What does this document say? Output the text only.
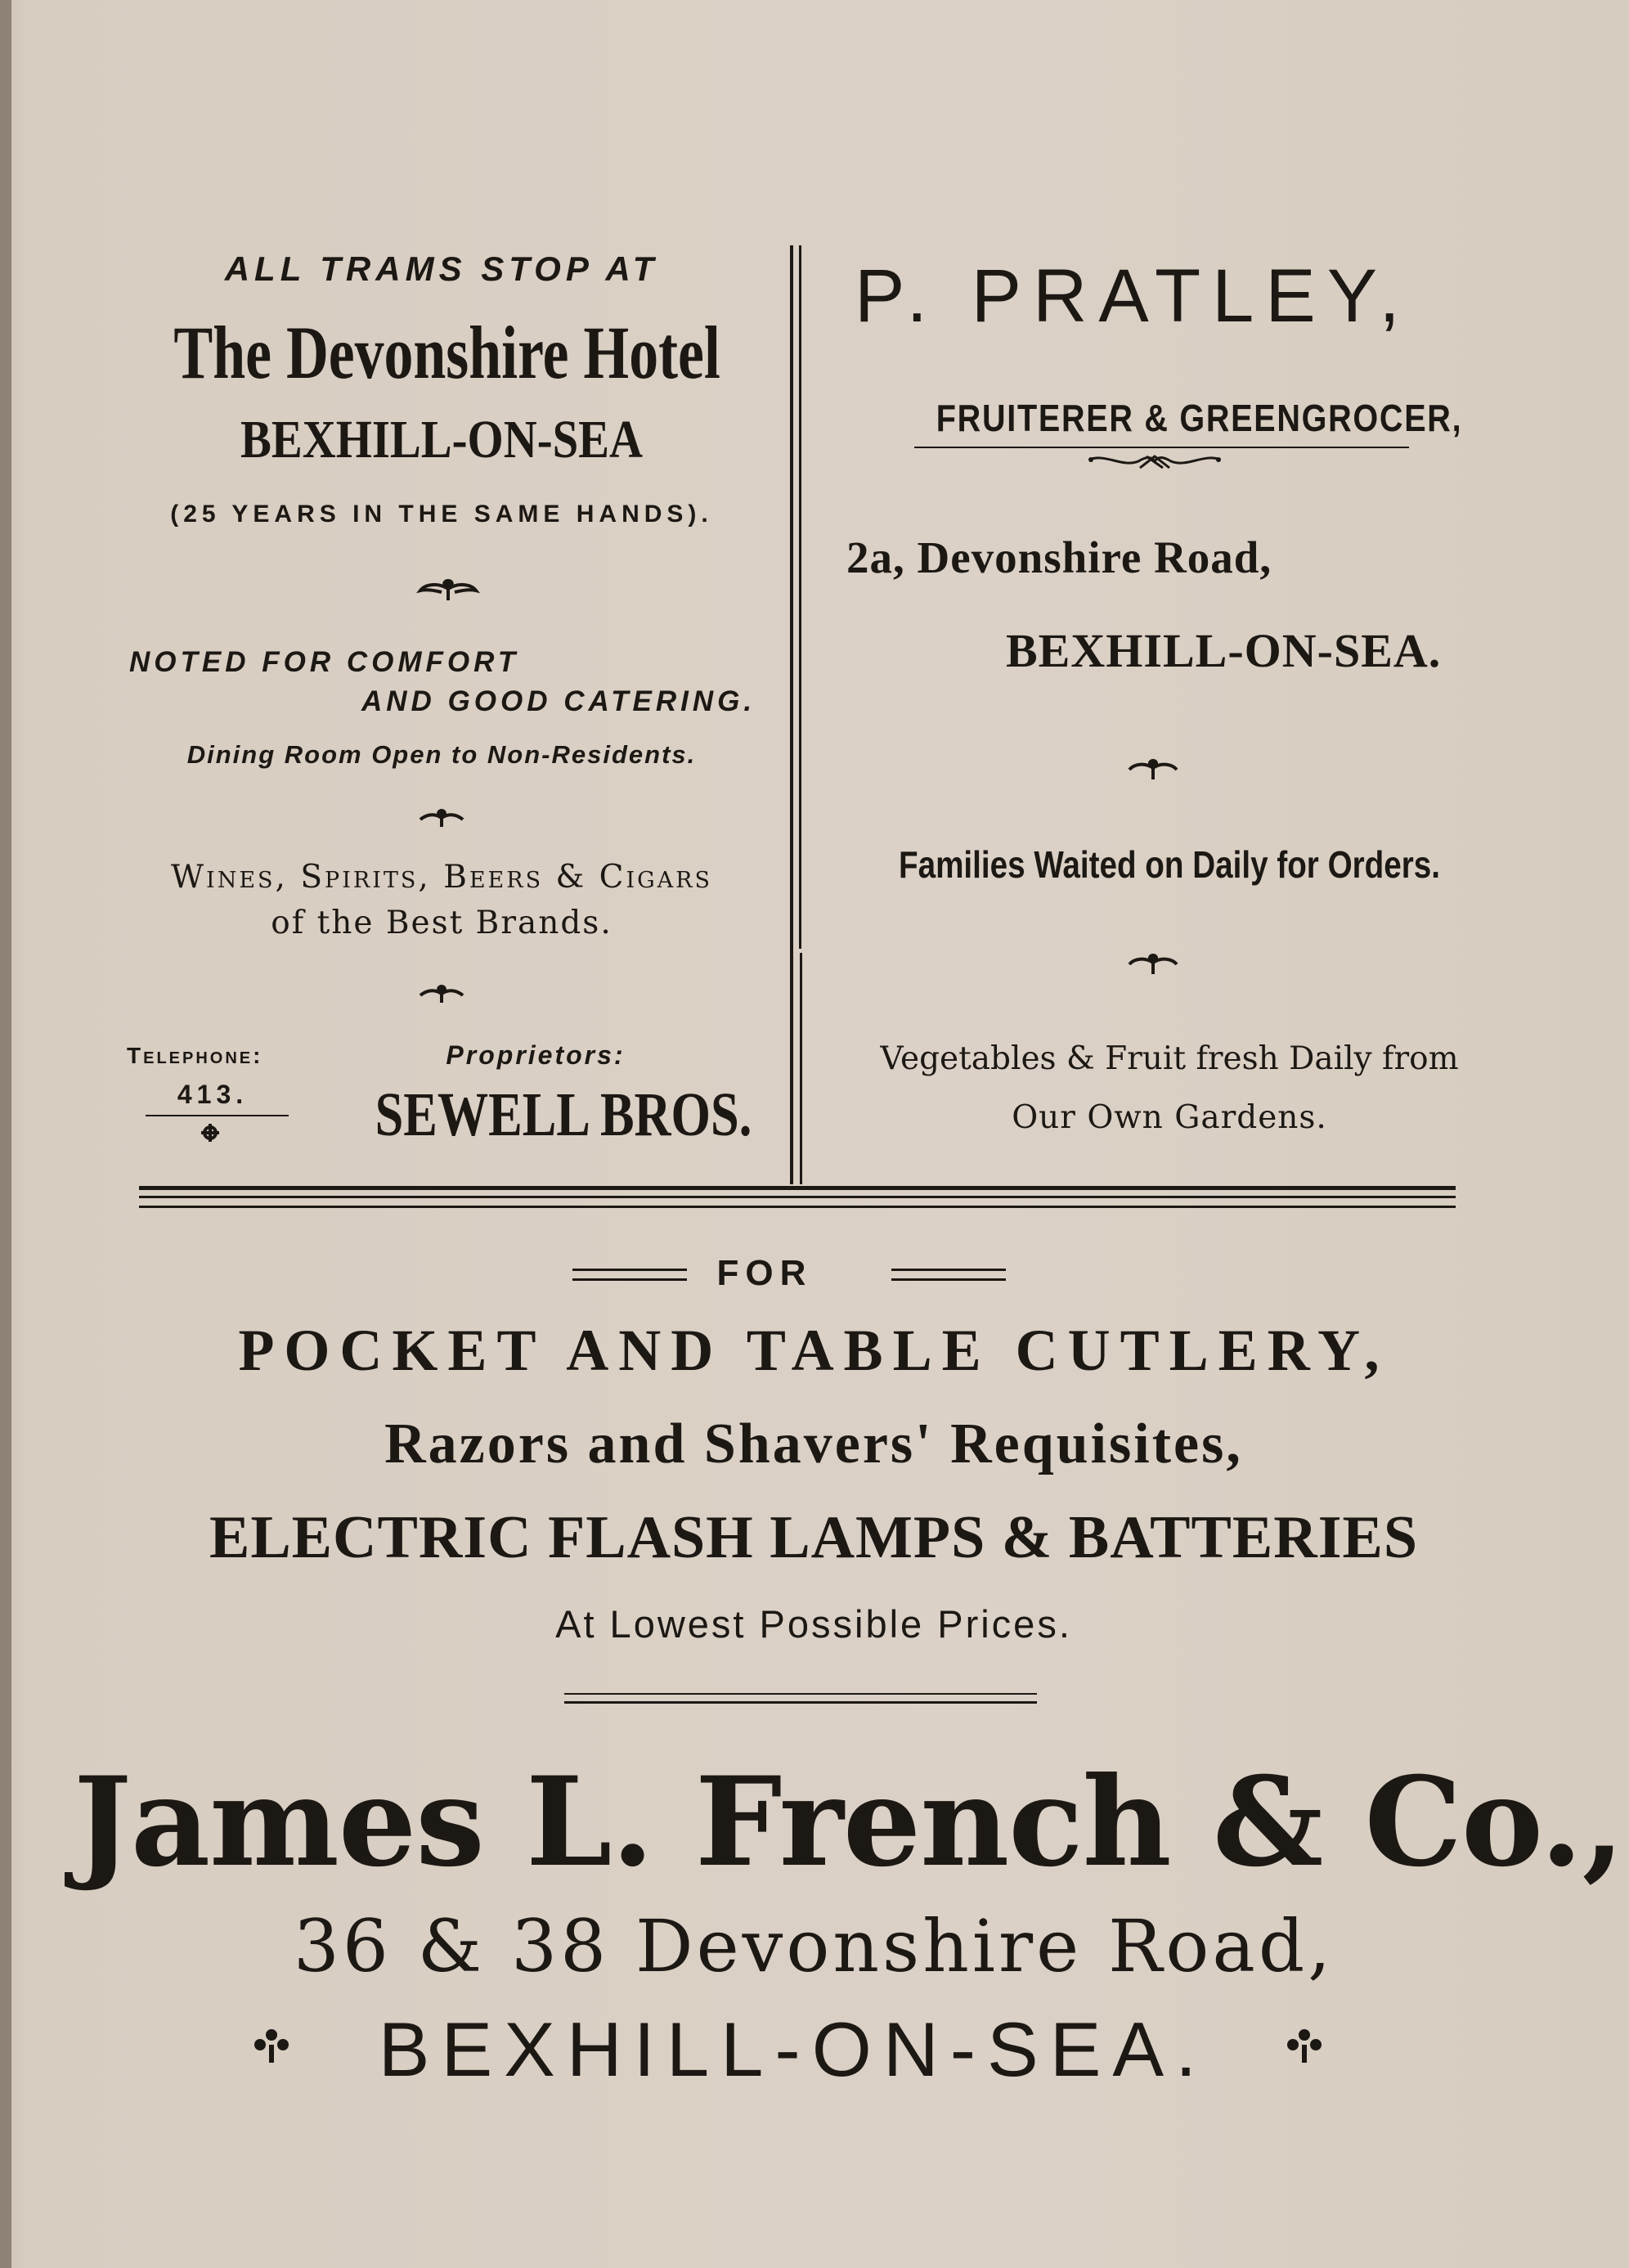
ALL TRAMS STOP AT

The Devonshire Hotel

BEXHILL-ON-SEA

(25 YEARS IN THE SAME HANDS).

NOTED FOR COMFORT

AND GOOD CATERING.

Dining Room Open to Non-Residents.

Wines, Spirits, Beers & Cigars

of the Best Brands.

Telephone:

413.

Proprietors:

SEWELL BROS.

P. PRATLEY,

FRUITERER & GREENGROCER,

2a, Devonshire Road,

BEXHILL-ON-SEA.

Families Waited on Daily for Orders.

Vegetables & Fruit fresh Daily from

Our Own Gardens.

FOR

POCKET AND TABLE CUTLERY,

Razors and Shavers' Requisites,

ELECTRIC FLASH LAMPS & BATTERIES

At Lowest Possible Prices.

James L. French & Co.,

36 & 38 Devonshire Road,

BEXHILL-ON-SEA.
